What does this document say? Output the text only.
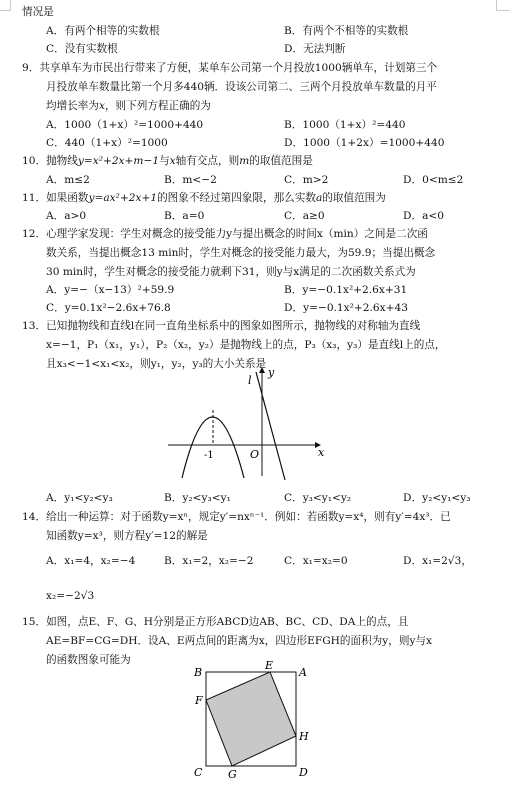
情况是
A．有两个相等的实数根	B．有两个不相等的实数根
C．没有实数根	D．无法判断
9．共享单车为市民出行带来了方便，某单车公司第一个月投放1000辆单车，计划第三个
月投放单车数量比第一个月多440辆．设该公司第二、三两个月投放单车数量的月平
均增长率为x，则下列方程正确的为
A．1000（1+x）²=1000+440	B．1000（1+x）²=440
C．440（1+x）²=1000	D．1000（1+2x）=1000+440
10．抛物线y=x²+2x+m−1与x轴有交点，则m的取值范围是
A．m≤2	B．m<−2	C．m>2	D．0<m≤2
11．如果函数y=ax²+2x+1的图象不经过第四象限，那么实数a的取值范围为
A．a>0	B．a=0	C．a≥0	D．a<0
12．心理学家发现：学生对概念的接受能力y与提出概念的时间x（min）之间是二次函
数关系，当提出概念13 min时，学生对概念的接受能力最大，为59.9；当提出概念
30 min时，学生对概念的接受能力就剩下31，则y与x满足的二次函数关系式为
A．y=−（x−13）²+59.9	B．y=−0.1x²+2.6x+31
C．y=0.1x²−2.6x+76.8	D．y=−0.1x²+2.6x+43
13．已知抛物线和直线l在同一直角坐标系中的图象如图所示，抛物线的对称轴为直线
x=−1，P₁（x₁，y₁），P₂（x₂，y₂）是抛物线上的点，P₃（x₃，y₃）是直线l上的点，
且x₃<−1<x₁<x₂，则y₁，y₂，y₃的大小关系是
l
y
x
O
-1
A．y₁<y₂<y₃	B．y₂<y₃<y₁	C．y₃<y₁<y₂	D．y₂<y₁<y₃
14．给出一种运算：对于函数y=xⁿ，规定y′=nxⁿ⁻¹．例如：若函数y=x⁴，则有y′=4x³．已
知函数y=x³，则方程y′=12的解是
A．x₁=4，x₂=−4	B．x₁=2，x₂=−2	C．x₁=x₂=0	D．x₁=2√3，
x₂=−2√3
15．如图，点E、F、G、H分别是正方形ABCD边AB、BC、CD、DA上的点，且
AE=BF=CG=DH．设A、E两点间的距离为x，四边形EFGH的面积为y，则y与x
的函数图象可能为
B
E
A
F
H
C G	D
